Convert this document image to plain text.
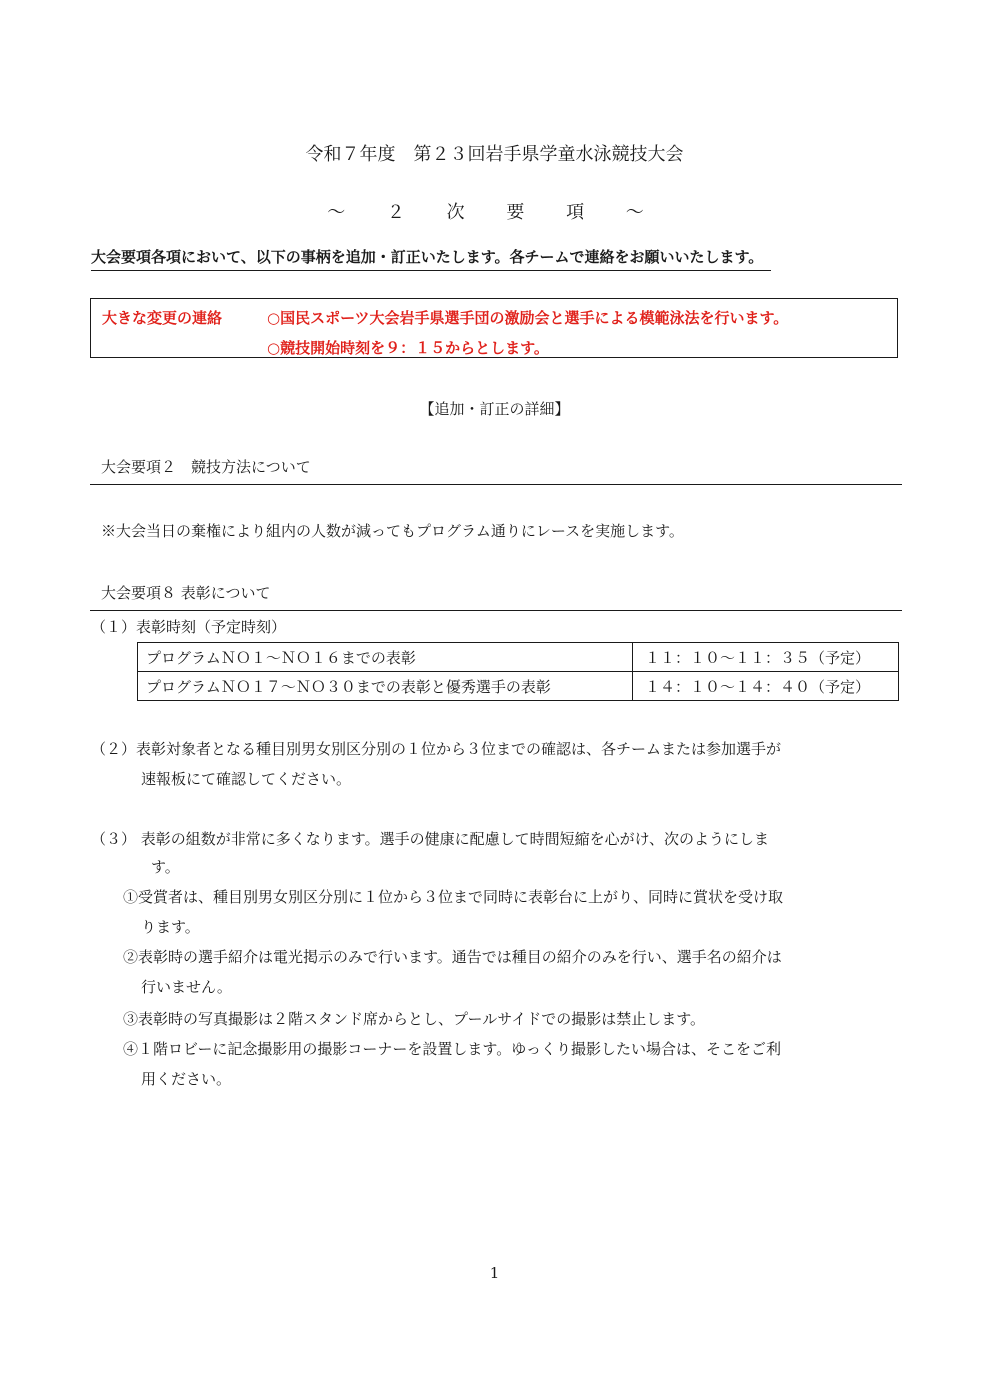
令和７年度　第２３回岩手県学童水泳競技大会
～ ２ 次 要 項 ～
大会要項各項において、以下の事柄を追加・訂正いたします。各チームで連絡をお願いいたします。
大きな変更の連絡	○国民スポーツ大会岩手県選手団の激励会と選手による模範泳法を行います。
○競技開始時刻を９：１５からとします。
【追加・訂正の詳細】
大会要項２　競技方法について
※大会当日の棄権により組内の人数が減ってもプログラム通りにレースを実施します。
大会要項８ 表彰について
（１）表彰時刻（予定時刻）
プログラムＮＯ１～ＮＯ１６までの表彰	１１：１０～１１：３５（予定）
プログラムＮＯ１７～ＮＯ３０までの表彰と優秀選手の表彰	１４：１０～１４：４０（予定）
（２）表彰対象者となる種目別男女別区分別の１位から３位までの確認は、各チームまたは参加選手が
速報板にて確認してください。
（３） 表彰の組数が非常に多くなります。選手の健康に配慮して時間短縮を心がけ、次のようにしま
す。
①受賞者は、種目別男女別区分別に１位から３位まで同時に表彰台に上がり、同時に賞状を受け取
ります。
②表彰時の選手紹介は電光掲示のみで行います。通告では種目の紹介のみを行い、選手名の紹介は
行いません。
③表彰時の写真撮影は２階スタンド席からとし、プールサイドでの撮影は禁止します。
④１階ロビーに記念撮影用の撮影コーナーを設置します。ゆっくり撮影したい場合は、そこをご利
用ください。
1
